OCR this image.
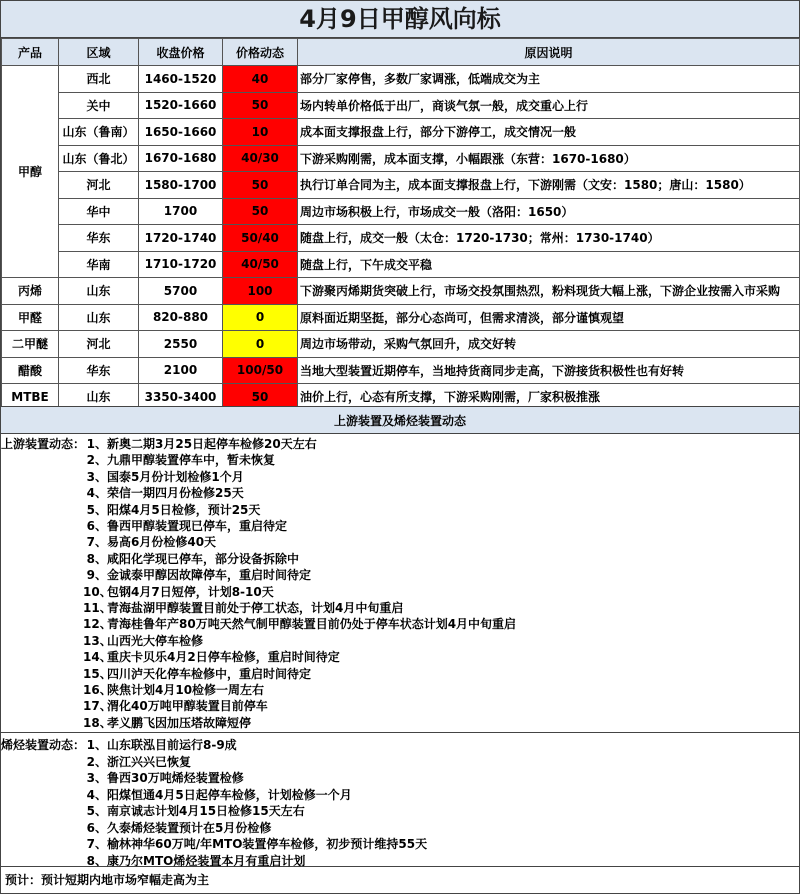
4月9日甲醇风向标
产品	区域	收盘价格	价格动态	原因说明
甲醇	西北	1460-1520	40	部分厂家停售，多数厂家调涨，低端成交为主
	关中	1520-1660	50	场内转单价格低于出厂，商谈气氛一般，成交重心上行
	山东（鲁南）	1650-1660	10	成本面支撑报盘上行，部分下游停工，成交情况一般
	山东（鲁北）	1670-1680	40/30	下游采购刚需，成本面支撑，小幅跟涨（东营：1670-1680）
	河北	1580-1700	50	执行订单合同为主，成本面支撑报盘上行，下游刚需（文安：1580；唐山：1580）
	华中	1700	50	周边市场积极上行，市场成交一般（洛阳：1650）
	华东	1720-1740	50/40	随盘上行，成交一般（太仓：1720-1730；常州：1730-1740）
	华南	1710-1720	40/50	随盘上行，下午成交平稳
丙烯	山东	5700	100	下游聚丙烯期货突破上行，市场交投氛围热烈，粉料现货大幅上涨，下游企业按需入市采购
甲醛	山东	820-880	0	原料面近期坚挺，部分心态尚可，但需求清淡，部分谨慎观望
二甲醚	河北	2550	0	周边市场带动，采购气氛回升，成交好转
醋酸	华东	2100	100/50	当地大型装置近期停车，当地持货商同步走高，下游接货积极性也有好转
MTBE	山东	3350-3400	50	油价上行，心态有所支撑，下游采购刚需，厂家积极推涨
上游装置及烯烃装置动态
上游装置动态： 1、新奥二期3月25日起停车检修20天左右
2、九鼎甲醇装置停车中，暂未恢复
3、国泰5月份计划检修1个月
4、荣信一期四月份检修25天
5、阳煤4月5日检修，预计25天
6、鲁西甲醇装置现已停车，重启待定
7、易高6月份检修40天
8、咸阳化学现已停车，部分设备拆除中
9、金诚泰甲醇因故障停车，重启时间待定
10、包钢4月7日短停，计划8-10天
11、青海盐湖甲醇装置目前处于停工状态，计划4月中旬重启
12、青海桂鲁年产80万吨天然气制甲醇装置目前仍处于停车状态计划4月中旬重启
13、山西光大停车检修
14、重庆卡贝乐4月2日停车检修，重启时间待定
15、四川泸天化停车检修中，重启时间待定
16、陕焦计划4月10检修一周左右
17、渭化40万吨甲醇装置目前停车
18、孝义鹏飞因加压塔故障短停
烯烃装置动态： 1、山东联泓目前运行8-9成
2、浙江兴兴已恢复
3、鲁西30万吨烯烃装置检修
4、阳煤恒通4月5日起停车检修，计划检修一个月
5、南京诚志计划4月15日检修15天左右
6、久泰烯烃装置预计在5月份检修
7、榆林神华60万吨/年MTO装置停车检修，初步预计维持55天
8、康乃尔MTO烯烃装置本月有重启计划
预计：预计短期内地市场窄幅走高为主
